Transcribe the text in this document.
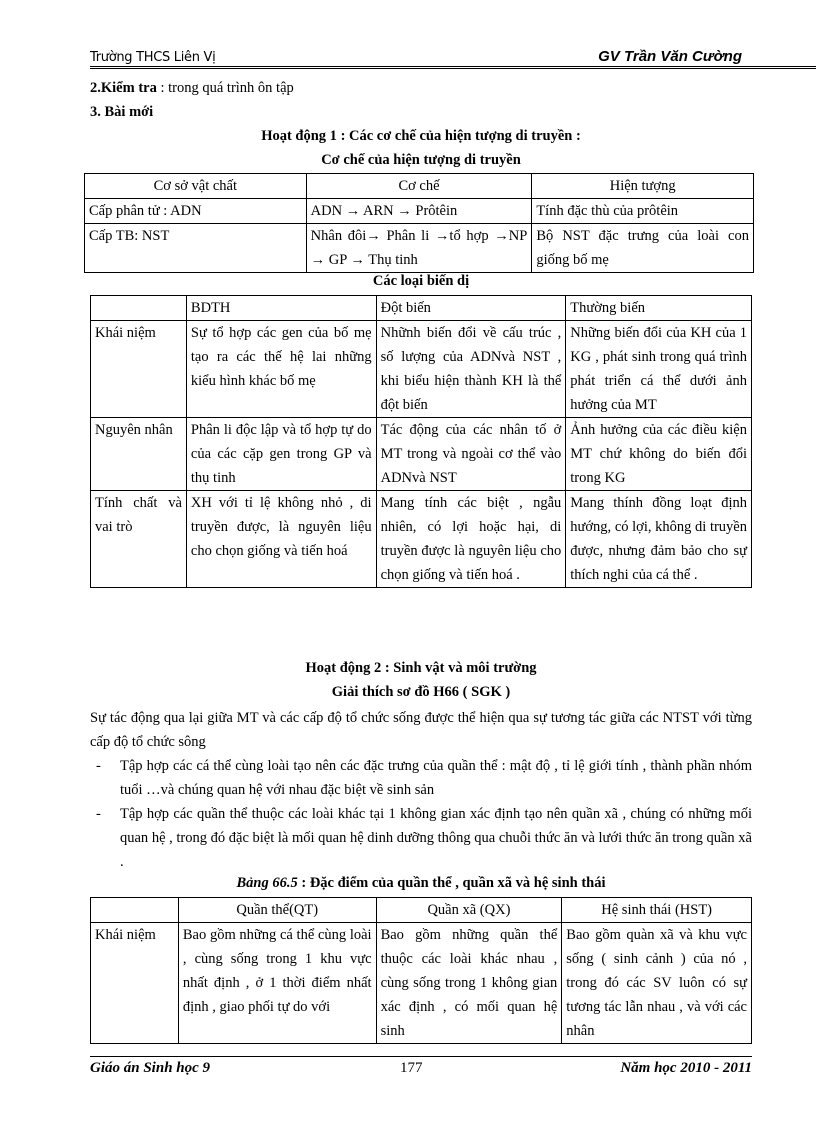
Trường THCS Liên Vị	GV Trần Văn Cường
2.Kiểm tra : trong quá trình ôn tập
3. Bài mới
Hoạt động 1 : Các cơ chế của hiện tượng di truyền :
Cơ chế của hiện tượng di truyền
Cơ sở vật chất	Cơ chế	Hiện tượng
Cấp phân tử : ADN	ADN → ARN → Prôtêin	Tính đặc thù của prôtêin
Cấp TB: NST	Nhân đôi→ Phân li →tổ hợp →NP → GP → Thụ tinh	Bộ NST đặc trưng của loài con giống bố mẹ
Các loại biến dị
	BDTH	Đột biến	Thường biến
Khái niệm	Sự tổ hợp các gen của bố mẹ tạo ra các thế hệ lai những kiểu hình khác bố mẹ	Nhữnh biến đổi về cấu trúc , số lượng của ADNvà NST , khi biểu hiện thành KH là thể đột biến	Những biến đổi của KH của 1 KG , phát sinh trong quá trình phát triển cá thể dưới ảnh hưởng của MT
Nguyên nhân	Phân li độc lập và tổ hợp tự do của các cặp gen trong GP và thụ tinh	Tác động của các nhân tố ở MT trong và ngoài cơ thể vào ADNvà NST	Ảnh hưởng của các điều kiện MT chứ không do biến đổi trong KG
Tính chất và vai trò	XH với tỉ lệ không nhỏ , di truyền được, là nguyên liệu cho chọn giống và tiến hoá	Mang tính các biệt , ngẫu nhiên, có lợi hoặc hại, di truyền được là nguyên liệu cho chọn giống và tiến hoá .	Mang thính đồng loạt định hướng, có lợi, không di truyền được, nhưng đảm bảo cho sự thích nghi của cá thể .
Hoạt động 2 : Sinh vật và môi trường
Giải thích sơ đồ H66 ( SGK )
Sự tác động qua lại giữa MT và các cấp độ tổ chức sống được thể hiện qua sự tương tác giữa các NTST với từng cấp độ tổ chức sông
- Tập hợp các cá thể cùng loài tạo nên các đặc trưng của quần thể : mật độ , tỉ lệ giới tính , thành phần nhóm tuổi …và chúng quan hệ với nhau đặc biệt về sinh sản
- Tập hợp các quần thể thuộc các loài khác tại 1 không gian xác định tạo nên quần xã , chúng có những mối quan hệ , trong đó đặc biệt là mối quan hệ dinh dưỡng thông qua chuỗi thức ăn và lưới thức ăn trong quần xã .
Bảng 66.5 : Đặc điểm của quần thể , quần xã và hệ sinh thái
	Quần thể(QT)	Quần xã (QX)	Hệ sinh thái (HST)
Khái niệm	Bao gồm những cá thể cùng loài , cùng sống trong 1 khu vực nhất định , ở 1 thời điểm nhất định , giao phối tự do với	Bao gồm những quần thể thuộc các loài khác nhau , cùng sống trong 1 không gian xác định , có mối quan hệ sinh	Bao gồm quàn xã và khu vực sống ( sinh cảnh ) của nó , trong đó các SV luôn có sự tương tác lẫn nhau , và với các nhân
Giáo án Sinh học 9	177	Năm học 2010 - 2011
